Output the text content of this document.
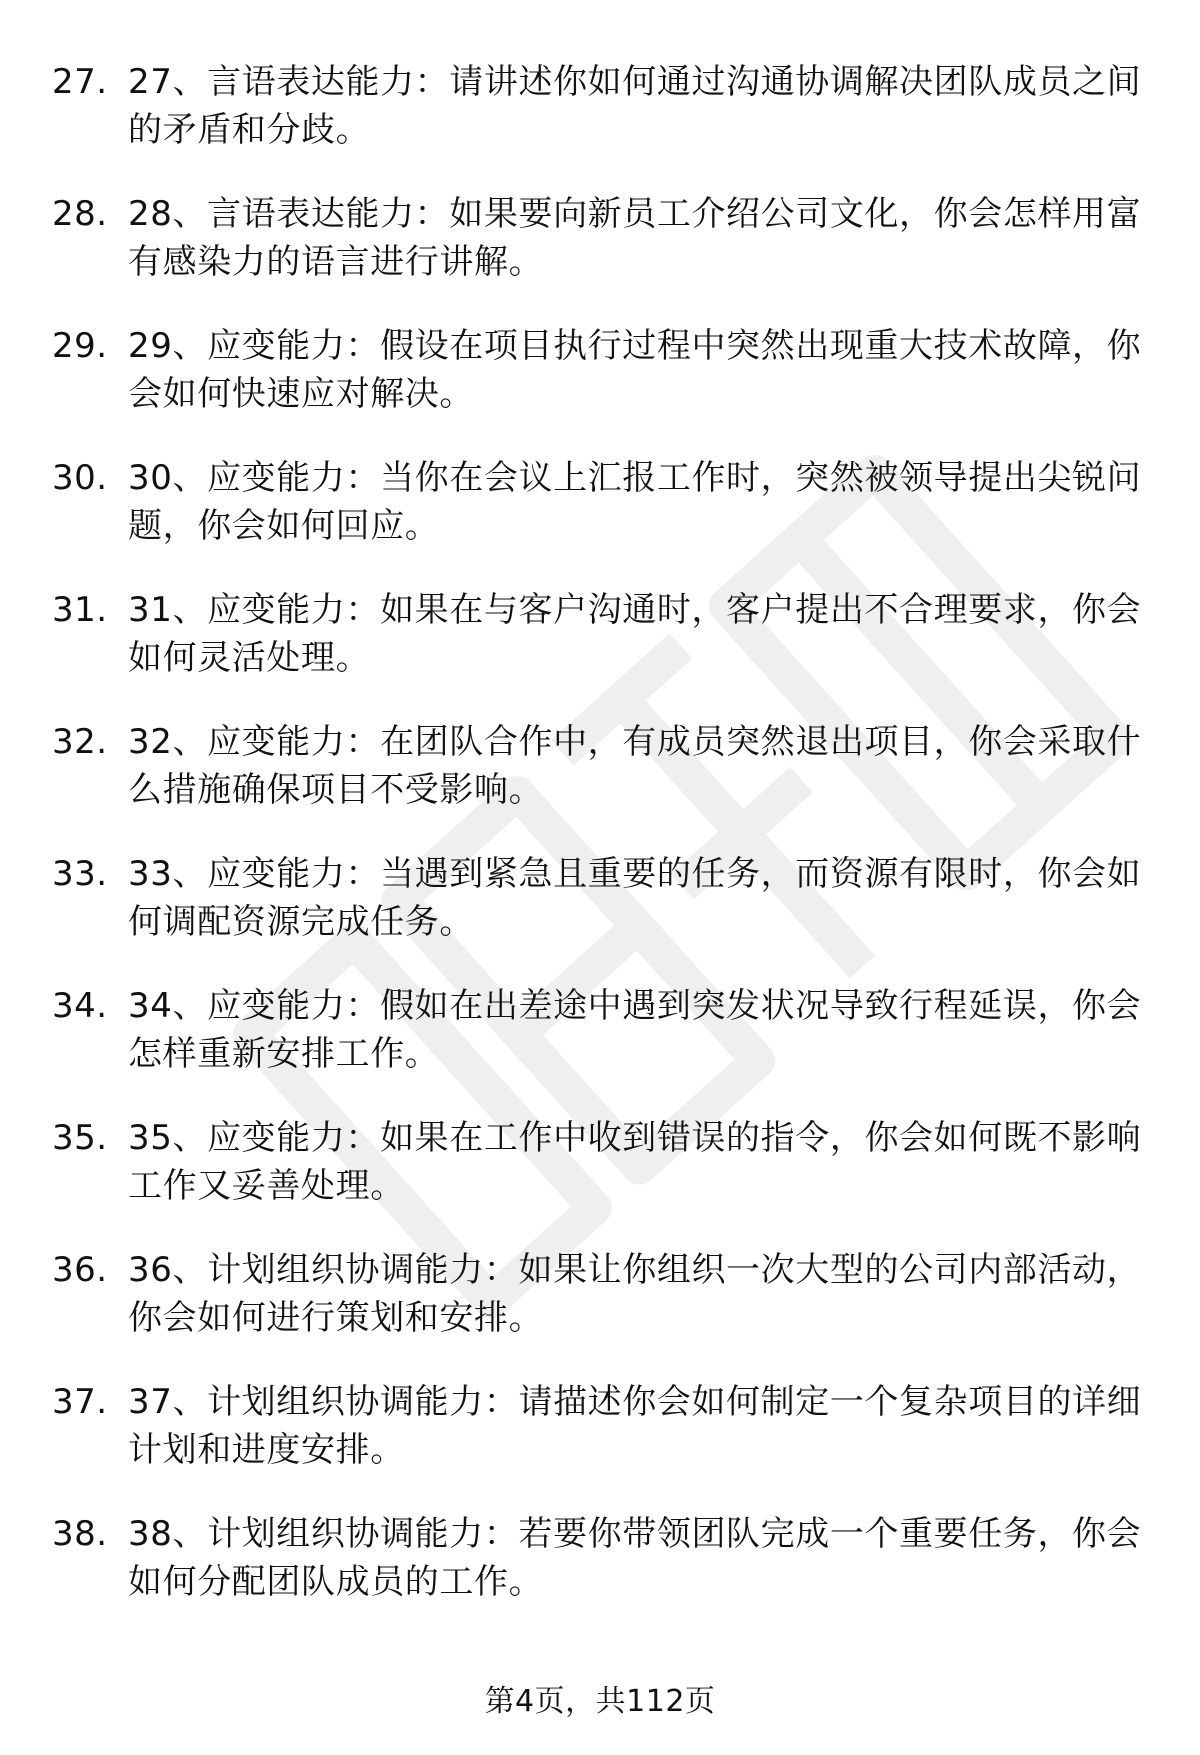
27. 27、言语表达能力：请讲述你如何通过沟通协调解决团队成员之间的矛盾和分歧。
28. 28、言语表达能力：如果要向新员工介绍公司文化，你会怎样用富有感染力的语言进行讲解。
29. 29、应变能力：假设在项目执行过程中突然出现重大技术故障，你会如何快速应对解决。
30. 30、应变能力：当你在会议上汇报工作时，突然被领导提出尖锐问题，你会如何回应。
31. 31、应变能力：如果在与客户沟通时，客户提出不合理要求，你会如何灵活处理。
32. 32、应变能力：在团队合作中，有成员突然退出项目，你会采取什么措施确保项目不受影响。
33. 33、应变能力：当遇到紧急且重要的任务，而资源有限时，你会如何调配资源完成任务。
34. 34、应变能力：假如在出差途中遇到突发状况导致行程延误，你会怎样重新安排工作。
35. 35、应变能力：如果在工作中收到错误的指令，你会如何既不影响工作又妥善处理。
36. 36、计划组织协调能力：如果让你组织一次大型的公司内部活动，你会如何进行策划和安排。
37. 37、计划组织协调能力：请描述你会如何制定一个复杂项目的详细计划和进度安排。
38. 38、计划组织协调能力：若要你带领团队完成一个重要任务，你会如何分配团队成员的工作。
第4页，共112页
